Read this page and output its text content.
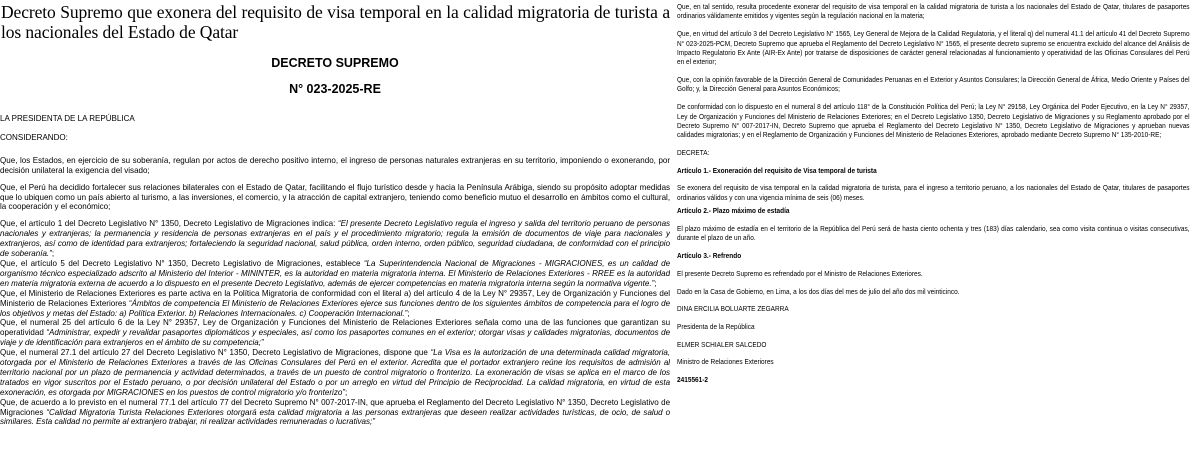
Decreto Supremo que exonera del requisito de visa temporal en la calidad migratoria de turista a los nacionales del Estado de Qatar
DECRETO SUPREMO
N° 023-2025-RE

LA PRESIDENTA DE LA REPÚBLICA

CONSIDERANDO:

Que, los Estados, en ejercicio de su soberanía, regulan por actos de derecho positivo interno, el ingreso de personas naturales extranjeras en su territorio, imponiendo o exonerando, por decisión unilateral la exigencia del visado;

Que, el Perú ha decidido fortalecer sus relaciones bilaterales con el Estado de Qatar, facilitando el flujo turístico desde y hacia la Península Arábiga, siendo su propósito adoptar medidas que lo ubiquen como un país abierto al turismo, a las inversiones, el comercio, y la atracción de capital extranjero, teniendo como beneficio mutuo el desarrollo en ámbitos como el cultural, la cooperación y el económico;

Que, el artículo 1 del Decreto Legislativo N° 1350, Decreto Legislativo de Migraciones indica: “El presente Decreto Legislativo regula el ingreso y salida del territorio peruano de personas nacionales y extranjeras; la permanencia y residencia de personas extranjeras en el país y el procedimiento migratorio; regula la emisión de documentos de viaje para nacionales y extranjeros, así como de identidad para extranjeros; fortaleciendo la seguridad nacional, salud pública, orden interno, orden público, seguridad ciudadana, de conformidad con el principio de soberanía.”;

Que, el artículo 5 del Decreto Legislativo N° 1350, Decreto Legislativo de Migraciones, establece “La Superintendencia Nacional de Migraciones - MIGRACIONES, es un calidad de organismo técnico especializado adscrito al Ministerio del Interior - MININTER, es la autoridad en materia migratoria interna. El Ministerio de Relaciones Exteriores - RREE es la autoridad en materia migratoria externa de acuerdo a lo dispuesto en el presente Decreto Legislativo, además de ejercer competencias en materia migratoria interna según la normativa vigente.”;

Que, el Ministerio de Relaciones Exteriores es parte activa en la Política Migratoria de conformidad con el literal a) del artículo 4 de la Ley N° 29357, Ley de Organización y Funciones del Ministerio de Relaciones Exteriores “Ámbitos de competencia El Ministerio de Relaciones Exteriores ejerce sus funciones dentro de los siguientes ámbitos de competencia para el logro de los objetivos y metas del Estado: a) Política Exterior. b) Relaciones Internacionales. c) Cooperación Internacional.”;

Que, el numeral 25 del artículo 6 de la Ley N° 29357, Ley de Organización y Funciones del Ministerio de Relaciones Exteriores señala como una de las funciones que garantizan su operatividad “Administrar, expedir y revalidar pasaportes diplomáticos y especiales, así como los pasaportes comunes en el exterior; otorgar visas y calidades migratorias, documentos de viaje y de identificación para extranjeros en el ámbito de su competencia;”

Que, el numeral 27.1 del artículo 27 del Decreto Legislativo N° 1350, Decreto Legislativo de Migraciones, dispone que “La Visa es la autorización de una determinada calidad migratoria, otorgada por el Ministerio de Relaciones Exteriores a través de las Oficinas Consulares del Perú en el exterior. Acredita que el portador extranjero reúne los requisitos de admisión al territorio nacional por un plazo de permanencia y actividad determinados, a través de un puesto de control migratorio o fronterizo. La exoneración de visas se aplica en el marco de los tratados en vigor suscritos por el Estado peruano, o por decisión unilateral del Estado o por un arreglo en virtud del Principio de Reciprocidad. La calidad migratoria, en virtud de esta exoneración, es otorgada por MIGRACIONES en los puestos de control migratorio y/o fronterizo”;

Que, de acuerdo a lo previsto en el numeral 77.1 del artículo 77 del Decreto Supremo N° 007-2017-IN, que aprueba el Reglamento del Decreto Legislativo N° 1350, Decreto Legislativo de Migraciones “Calidad Migratoria Turista Relaciones Exteriores otorgará esta calidad migratoria a las personas extranjeras que deseen realizar actividades turísticas, de ocio, de salud o similares. Esta calidad no permite al extranjero trabajar, ni realizar actividades remuneradas o lucrativas;”

Que, en tal sentido, resulta procedente exonerar del requisito de visa temporal en la calidad migratoria de turista a los nacionales del Estado de Qatar, titulares de pasaportes ordinarios válidamente emitidos y vigentes según la regulación nacional en la materia;

Que, en virtud del artículo 3 del Decreto Legislativo N° 1565, Ley General de Mejora de la Calidad Regulatoria, y el literal q) del numeral 41.1 del artículo 41 del Decreto Supremo N° 023-2025-PCM, Decreto Supremo que aprueba el Reglamento del Decreto Legislativo N° 1565, el presente decreto supremo se encuentra excluido del alcance del Análisis de Impacto Regulatorio Ex Ante (AIR-Ex Ante) por tratarse de disposiciones de carácter general relacionadas al funcionamiento y operatividad de las Oficinas Consulares del Perú en el exterior;

Que, con la opinión favorable de la Dirección General de Comunidades Peruanas en el Exterior y Asuntos Consulares; la Dirección General de África, Medio Oriente y Países del Golfo; y, la Dirección General para Asuntos Económicos;

De conformidad con lo dispuesto en el numeral 8 del artículo 118° de la Constitución Política del Perú; la Ley N° 29158, Ley Orgánica del Poder Ejecutivo, en la Ley N° 29357, Ley de Organización y Funciones del Ministerio de Relaciones Exteriores; en el Decreto Legislativo 1350, Decreto Legislativo de Migraciones y su Reglamento aprobado por el Decreto Supremo N° 007-2017-IN, Decreto Supremo que aprueba el Reglamento del Decreto Legislativo N° 1350, Decreto Legislativo de Migraciones y aprueban nuevas calidades migratorias; y en el Reglamento de Organización y Funciones del Ministerio de Relaciones Exteriores, aprobado mediante Decreto Supremo N° 135-2010-RE;

DECRETA:

Artículo 1.- Exoneración del requisito de Visa temporal de turista

Se exonera del requisito de visa temporal en la calidad migratoria de turista, para el ingreso a territorio peruano, a los nacionales del Estado de Qatar, titulares de pasaportes ordinarios válidos y con una vigencia mínima de seis (06) meses.

Artículo 2.- Plazo máximo de estadía

El plazo máximo de estadía en el territorio de la República del Perú será de hasta ciento ochenta y tres (183) días calendario, sea como visita continua o visitas consecutivas, durante el plazo de un año.

Artículo 3.- Refrendo

El presente Decreto Supremo es refrendado por el Ministro de Relaciones Exteriores.

Dado en la Casa de Gobierno, en Lima, a los dos días del mes de julio del año dos mil veinticinco.

DINA ERCILIA BOLUARTE ZEGARRA

Presidenta de la República

ELMER SCHIALER SALCEDO

Ministro de Relaciones Exteriores

2415561-2
